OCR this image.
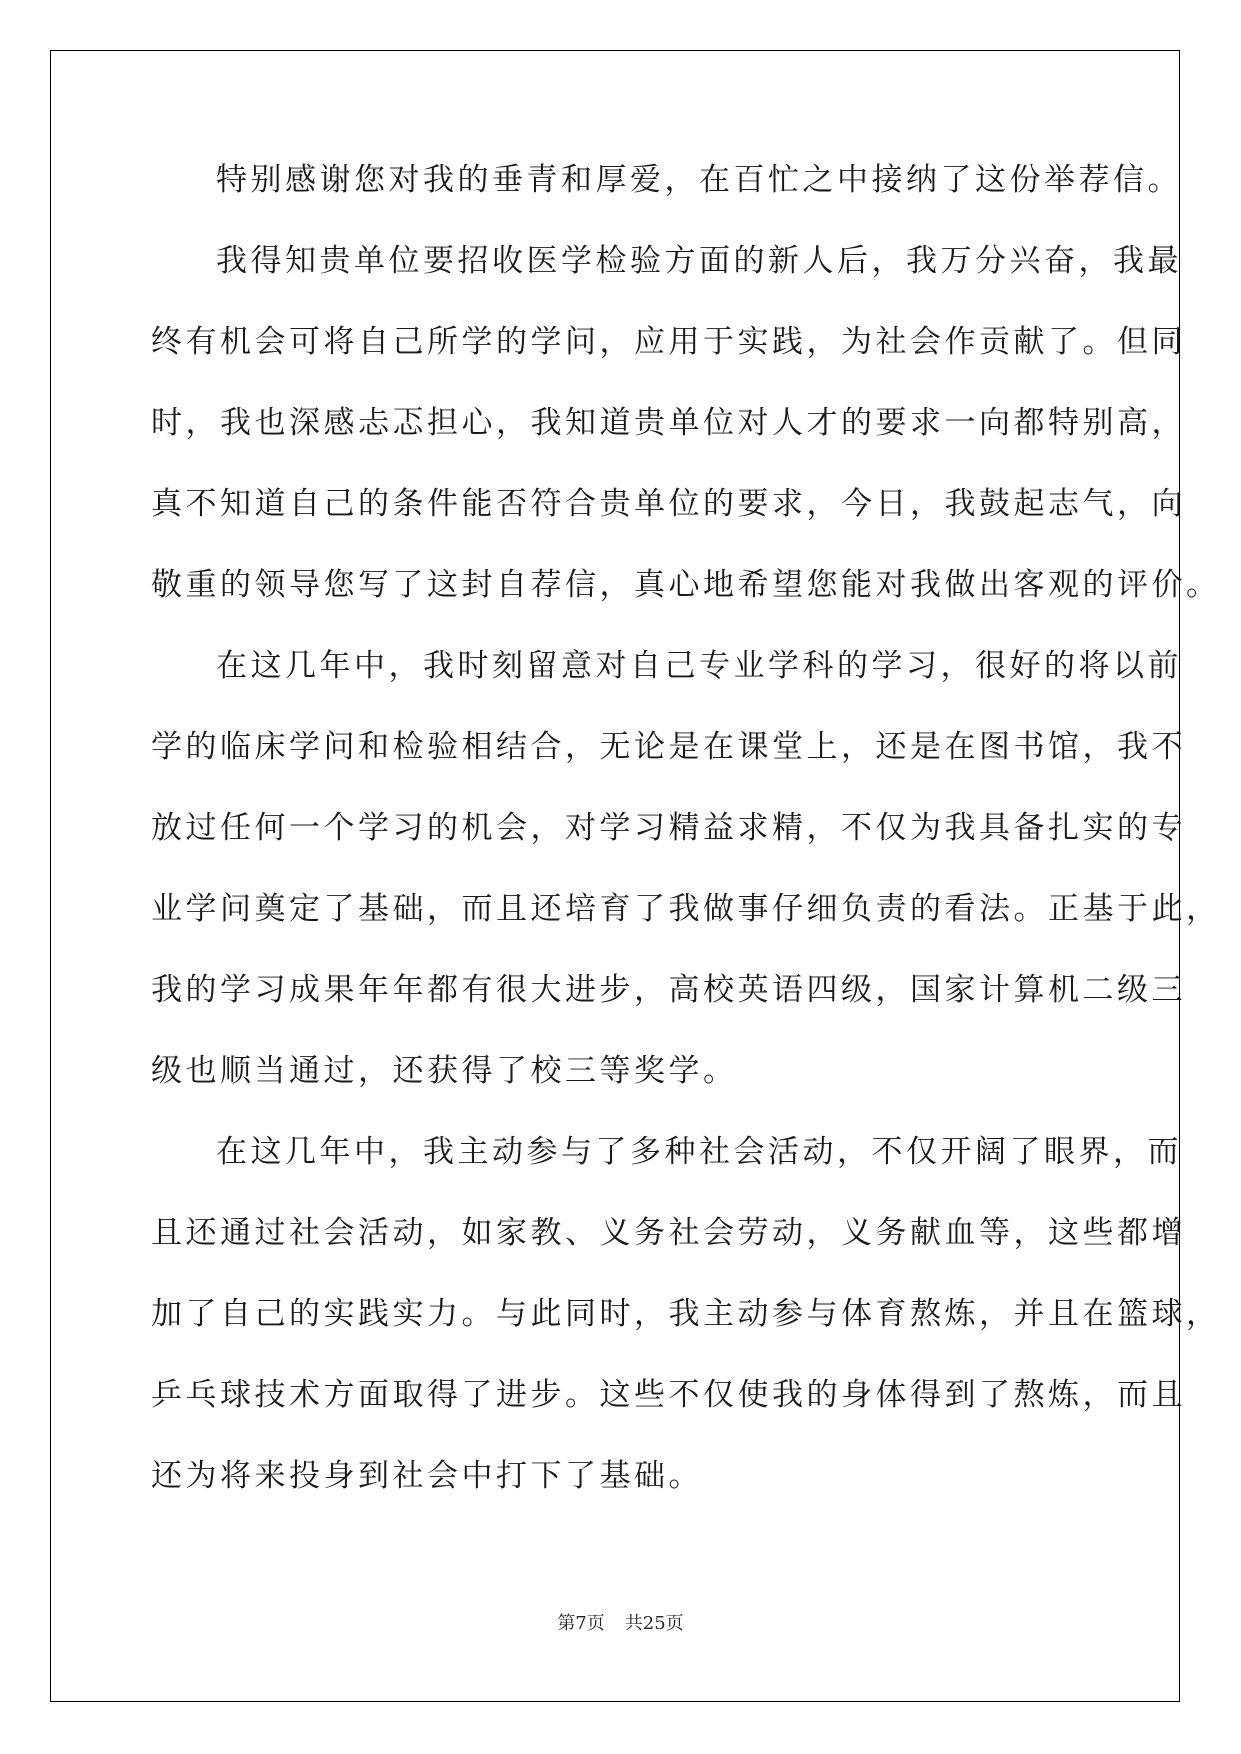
特别感谢您对我的垂青和厚爱，在百忙之中接纳了这份举荐信。
我得知贵单位要招收医学检验方面的新人后，我万分兴奋，我最
终有机会可将自己所学的学问，应用于实践，为社会作贡献了。但同
时，我也深感忐忑担心，我知道贵单位对人才的要求一向都特别高，
真不知道自己的条件能否符合贵单位的要求，今日，我鼓起志气，向
敬重的领导您写了这封自荐信，真心地希望您能对我做出客观的评价。
在这几年中，我时刻留意对自己专业学科的学习，很好的将以前
学的临床学问和检验相结合，无论是在课堂上，还是在图书馆，我不
放过任何一个学习的机会，对学习精益求精，不仅为我具备扎实的专
业学问奠定了基础，而且还培育了我做事仔细负责的看法。正基于此，
我的学习成果年年都有很大进步，高校英语四级，国家计算机二级三
级也顺当通过，还获得了校三等奖学。
在这几年中，我主动参与了多种社会活动，不仅开阔了眼界，而
且还通过社会活动，如家教、义务社会劳动，义务献血等，这些都增
加了自己的实践实力。与此同时，我主动参与体育熬炼，并且在篮球，
乒乓球技术方面取得了进步。这些不仅使我的身体得到了熬炼，而且
还为将来投身到社会中打下了基础。
第7页 共25页
